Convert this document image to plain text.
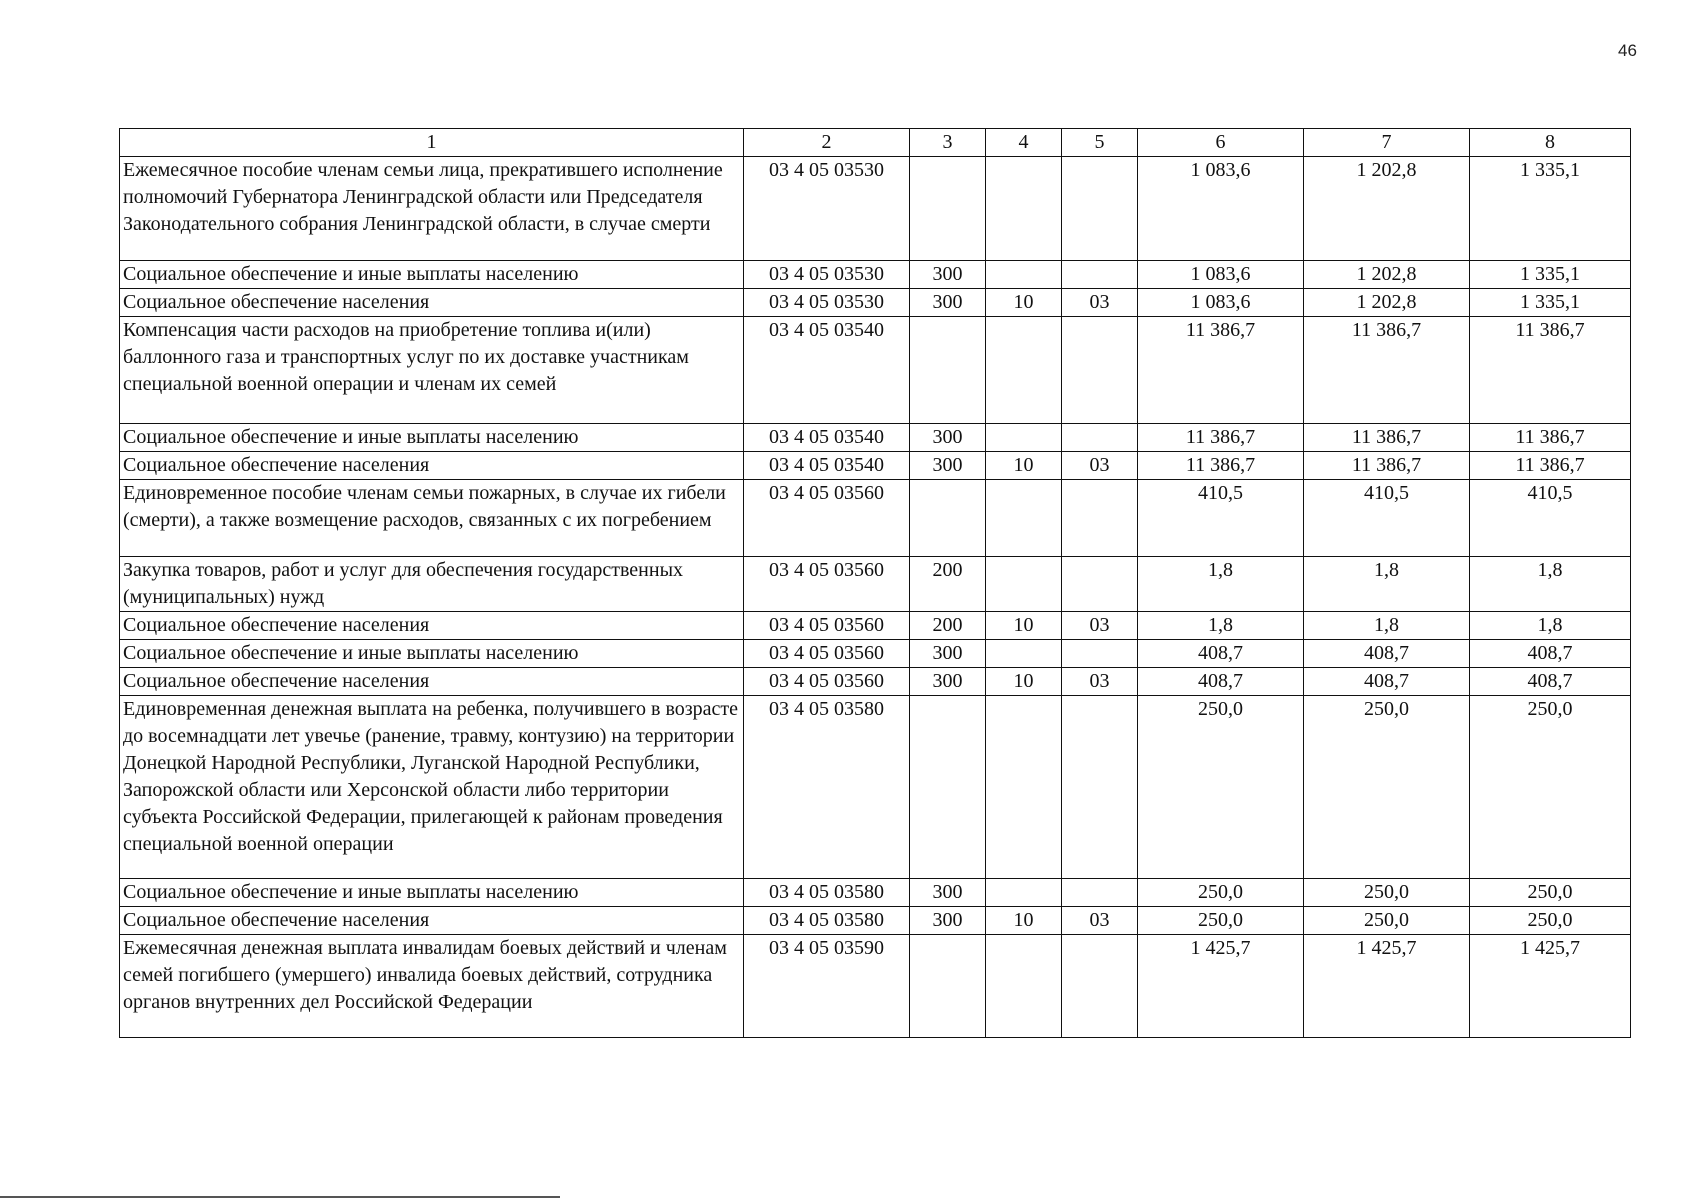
46
1	2	3	4	5	6	7	8
Ежемесячное пособие членам семьи лица, прекратившего исполнение полномочий Губернатора Ленинградской области или Председателя Законодательного собрания Ленинградской области, в случае смерти	03 4 05 03530				1 083,6	1 202,8	1 335,1
Социальное обеспечение и иные выплаты населению	03 4 05 03530	300			1 083,6	1 202,8	1 335,1
Социальное обеспечение населения	03 4 05 03530	300	10	03	1 083,6	1 202,8	1 335,1
Компенсация части расходов на приобретение топлива и(или) баллонного газа и транспортных услуг по их доставке участникам специальной военной операции и членам их семей	03 4 05 03540				11 386,7	11 386,7	11 386,7
Социальное обеспечение и иные выплаты населению	03 4 05 03540	300			11 386,7	11 386,7	11 386,7
Социальное обеспечение населения	03 4 05 03540	300	10	03	11 386,7	11 386,7	11 386,7
Единовременное пособие членам семьи пожарных, в случае их гибели (смерти), а также возмещение расходов, связанных с их погребением	03 4 05 03560				410,5	410,5	410,5
Закупка товаров, работ и услуг для обеспечения государственных (муниципальных) нужд	03 4 05 03560	200			1,8	1,8	1,8
Социальное обеспечение населения	03 4 05 03560	200	10	03	1,8	1,8	1,8
Социальное обеспечение и иные выплаты населению	03 4 05 03560	300			408,7	408,7	408,7
Социальное обеспечение населения	03 4 05 03560	300	10	03	408,7	408,7	408,7
Единовременная денежная выплата на ребенка, получившего в возрасте до восемнадцати лет увечье (ранение, травму, контузию) на территории Донецкой Народной Республики, Луганской Народной Республики, Запорожской области или Херсонской области либо территории субъекта Российской Федерации, прилегающей к районам проведения специальной военной операции	03 4 05 03580				250,0	250,0	250,0
Социальное обеспечение и иные выплаты населению	03 4 05 03580	300			250,0	250,0	250,0
Социальное обеспечение населения	03 4 05 03580	300	10	03	250,0	250,0	250,0
Ежемесячная денежная выплата инвалидам боевых действий и членам семей погибшего (умершего) инвалида боевых действий, сотрудника органов внутренних дел Российской Федерации	03 4 05 03590				1 425,7	1 425,7	1 425,7
